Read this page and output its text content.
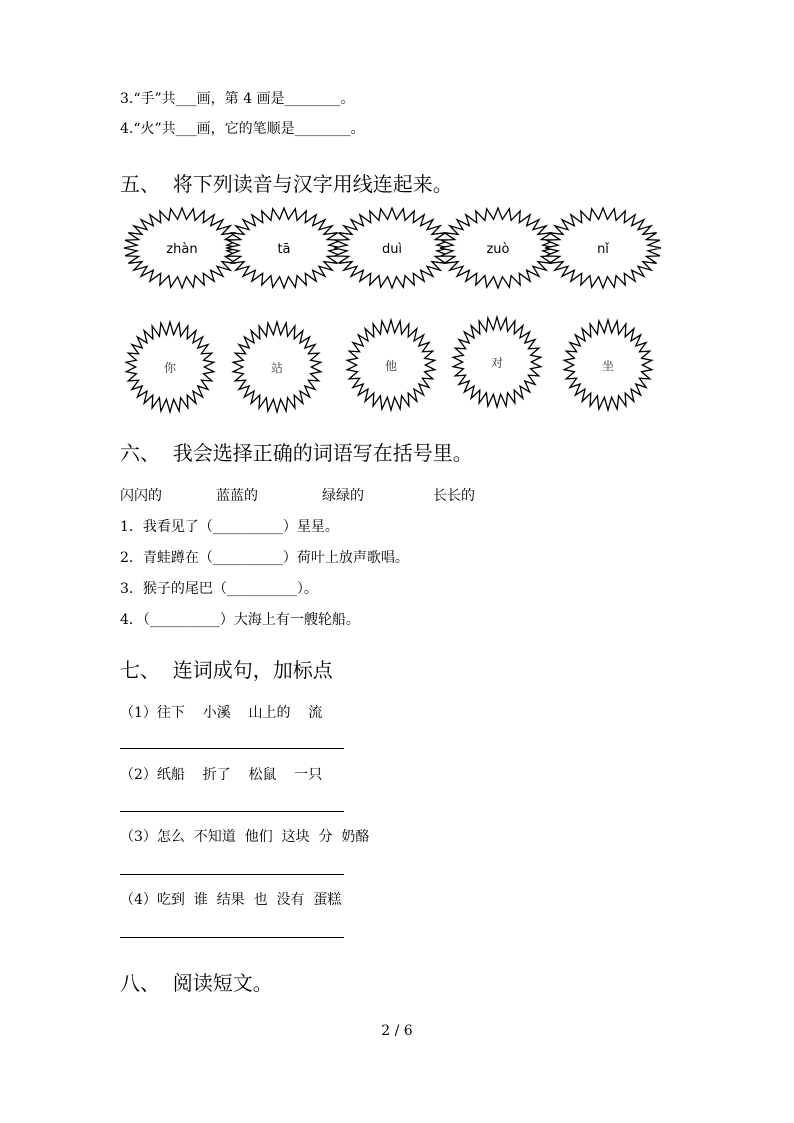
3.“手”共___画，第 4 画是________。
4.“火”共___画，它的笔顺是________。
五、  将下列读音与汉字用线连起来。
zhàn	tā	duì	zuò	nǐ
你	站	他	对	坐
六、  我会选择正确的词语写在括号里。
闪闪的	蓝蓝的	绿绿的	长长的
1．我看见了（__________）星星。
2．青蛙蹲在（__________）荷叶上放声歌唱。
3．猴子的尾巴（__________）。
4．（__________）大海上有一艘轮船。
七、  连词成句，加标点
（1）往下    小溪    山上的    流
（2）纸船    折了    松鼠    一只
（3）怎么  不知道  他们  这块  分  奶酪
（4）吃到  谁  结果  也  没有  蛋糕
八、  阅读短文。
2 / 6
